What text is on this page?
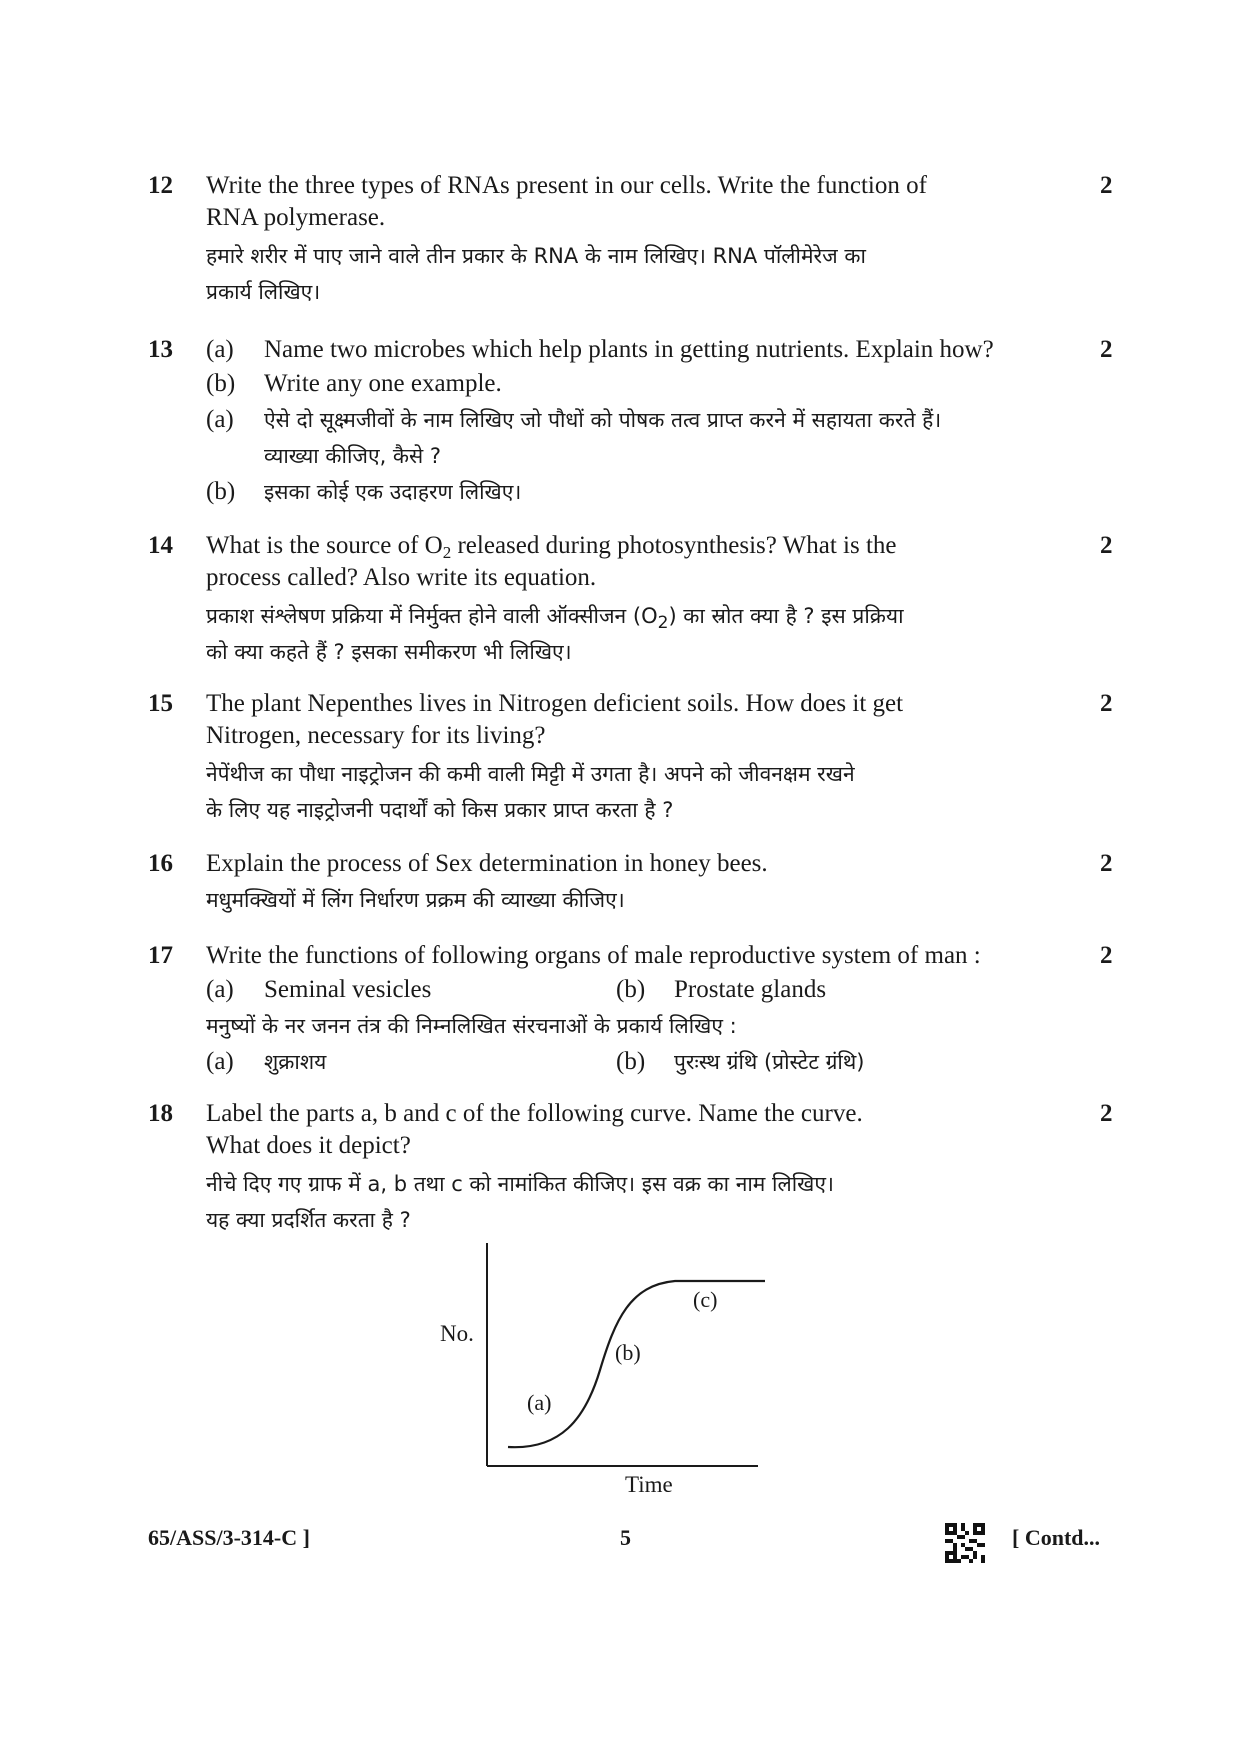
12	2
Write the three types of RNAs present in our cells. Write the function of
RNA polymerase.
हमारे शरीर में पाए जाने वाले तीन प्रकार के RNA के नाम लिखिए। RNA पॉलीमेरेज का
प्रकार्य लिखिए।
13	2
(a) Name two microbes which help plants in getting nutrients. Explain how?
(b) Write any one example.
(a) ऐसे दो सूक्ष्मजीवों के नाम लिखिए जो पौधों को पोषक तत्व प्राप्त करने में सहायता करते हैं।
व्याख्या कीजिए, कैसे ?
(b) इसका कोई एक उदाहरण लिखिए।
14	2
What is the source of $O_2$ released during photosynthesis? What is the
process called? Also write its equation.
प्रकाश संश्लेषण प्रक्रिया में निर्मुक्त होने वाली ऑक्सीजन $(O_2)$ का स्रोत क्या है ? इस प्रक्रिया
को क्या कहते हैं ? इसका समीकरण भी लिखिए।
15	2
The plant Nepenthes lives in Nitrogen deficient soils. How does it get
Nitrogen, necessary for its living?
नेपेंथीज का पौधा नाइट्रोजन की कमी वाली मिट्टी में उगता है। अपने को जीवनक्षम रखने
के लिए यह नाइट्रोजनी पदार्थों को किस प्रकार प्राप्त करता है ?
16	2
Explain the process of Sex determination in honey bees.
मधुमक्खियों में लिंग निर्धारण प्रक्रम की व्याख्या कीजिए।
17	2
Write the functions of following organs of male reproductive system of man :
(a) Seminal vesicles	(b) Prostate glands
मनुष्यों के नर जनन तंत्र की निम्नलिखित संरचनाओं के प्रकार्य लिखिए :
(a) शुक्राशय	(b) पुरःस्थ ग्रंथि (प्रोस्टेट ग्रंथि)
18	2
Label the parts a, b and c of the following curve. Name the curve.
What does it depict?
नीचे दिए गए ग्राफ में a, b तथा c को नामांकित कीजिए। इस वक्र का नाम लिखिए।
यह क्या प्रदर्शित करता है ?
No.
Time
(a)
(b)
(c)
65/ASS/3-314-C ]	5	[ Contd...
